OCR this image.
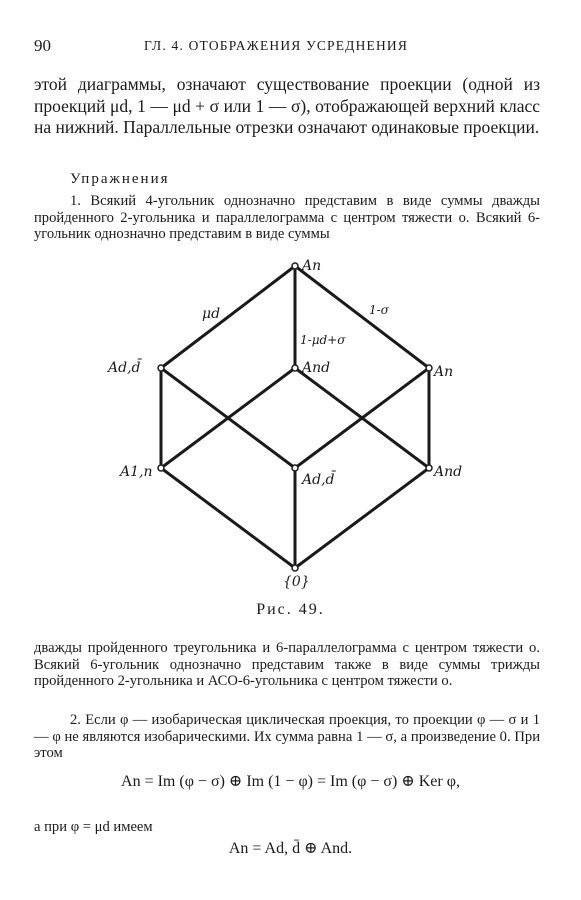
90	ГЛ. 4. ОТОБРАЖЕНИЯ УСРЕДНЕНИЯ
этой диаграммы, означают существование проекции (одной из проекций μd, 1 — μd + σ или 1 — σ), отображающей верхний класс на нижний. Параллельные отрезки означают одинаковые проекции.
Упражнения
1. Всякий 4-угольник однозначно представим в виде суммы дважды пройденного 2-угольника и параллелограмма с центром тяжести o. Всякий 6-угольник однозначно представим в виде суммы
An
And
Ad,d̄	An
A1,n	And
Ad,d̄
{0}
μd	1-σ
1-μd+σ
Рис. 49.
дважды пройденного треугольника и 6-параллелограмма с центром тяжести o. Всякий 6-угольник однозначно представим также в виде суммы трижды пройденного 2-угольника и АСО-6-угольника с центром тяжести o.
2. Если φ — изобарическая циклическая проекция, то проекции φ — σ и 1 — φ не являются изобарическими. Их сумма равна 1 — σ, а произведение 0. При этом
An = Im (φ − σ) ⊕ Im (1 − φ) = Im (φ − σ) ⊕ Ker φ,
а при φ = μd имеем
An = Ad, d̄ ⊕ And.
